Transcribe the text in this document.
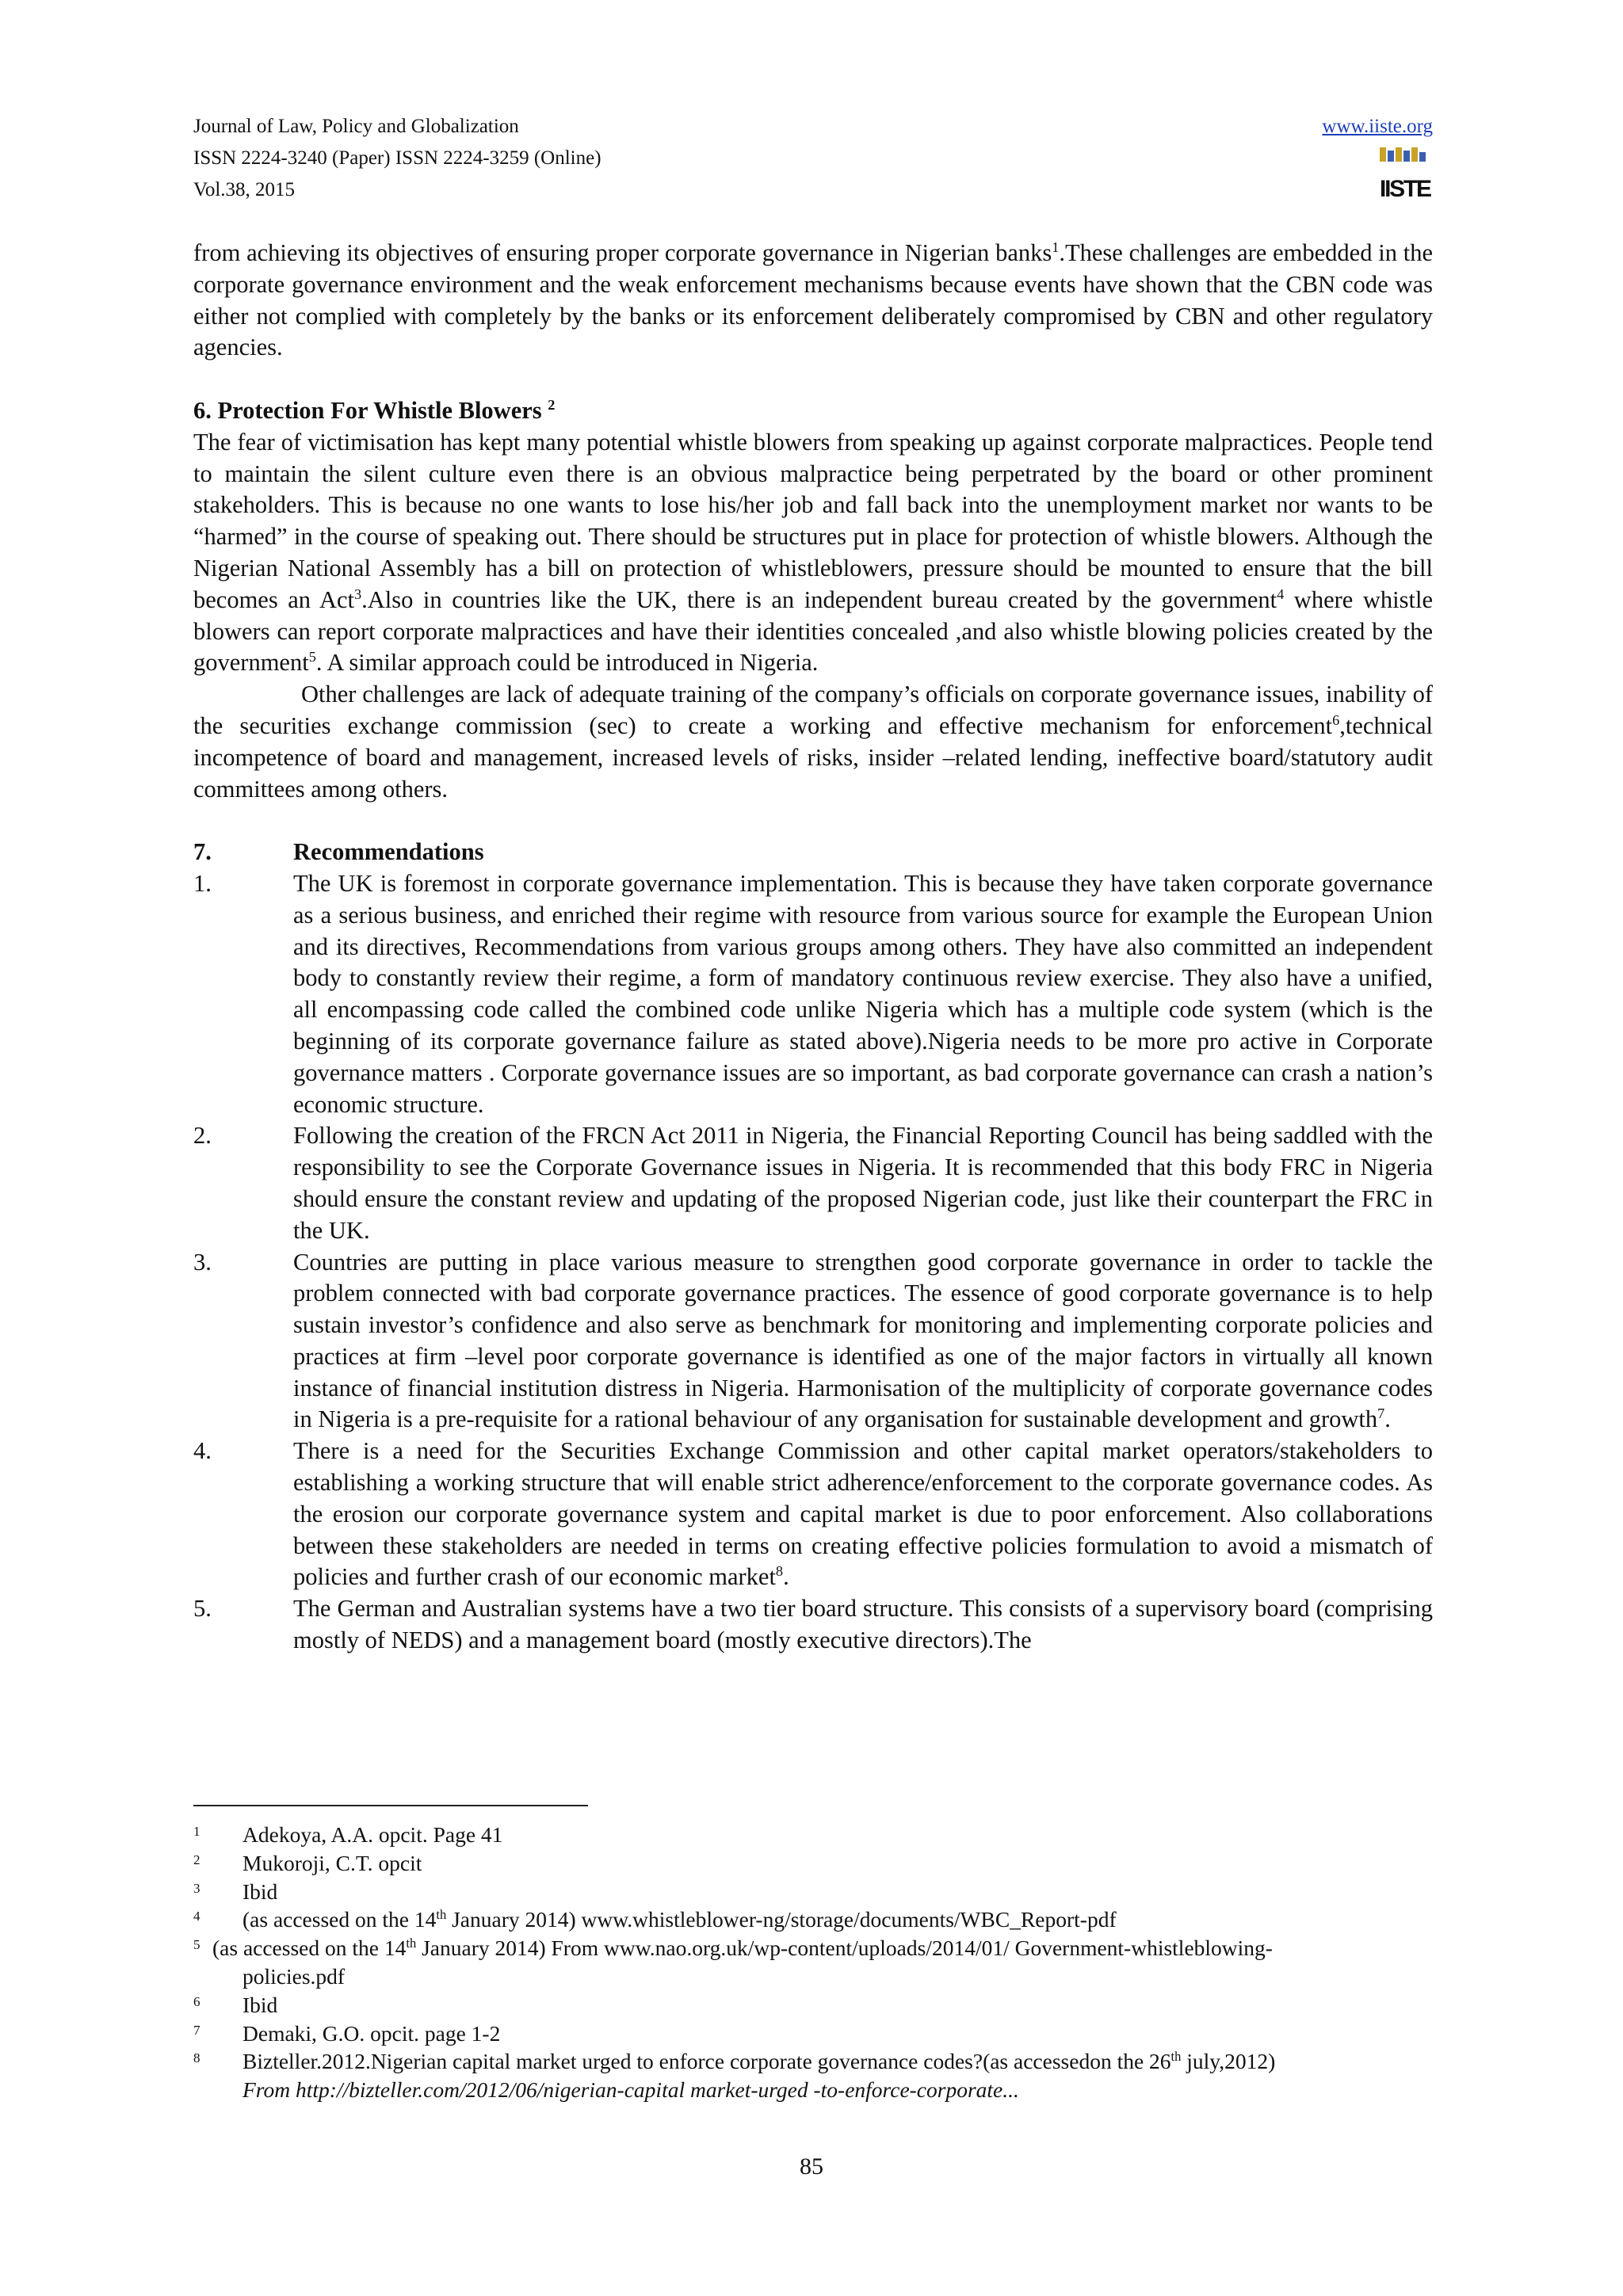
Journal of Law, Policy and Globalization
ISSN 2224-3240 (Paper) ISSN 2224-3259 (Online)
Vol.38, 2015
www.iiste.org
IISTE

from achieving its objectives of ensuring proper corporate governance in Nigerian banks$^1$.These challenges are embedded in the corporate governance environment and the weak enforcement mechanisms because events have shown that the CBN code was either not complied with completely by the banks or its enforcement deliberately compromised by CBN and other regulatory agencies.

6. Protection For Whistle Blowers $^2$

The fear of victimisation has kept many potential whistle blowers from speaking up against corporate malpractices. People tend to maintain the silent culture even there is an obvious malpractice being perpetrated by the board or other prominent stakeholders. This is because no one wants to lose his/her job and fall back into the unemployment market nor wants to be “harmed” in the course of speaking out. There should be structures put in place for protection of whistle blowers. Although the Nigerian National Assembly has a bill on protection of whistleblowers, pressure should be mounted to ensure that the bill becomes an Act$^3$.Also in countries like the UK, there is an independent bureau created by the government$^4$ where whistle blowers can report corporate malpractices and have their identities concealed ,and also whistle blowing policies created by the government$^5$. A similar approach could be introduced in Nigeria.

Other challenges are lack of adequate training of the company’s officials on corporate governance issues, inability of the securities exchange commission (sec) to create a working and effective mechanism for enforcement$^6$,technical incompetence of board and management, increased levels of risks, insider –related lending, ineffective board/statutory audit committees among others.

7.	Recommendations
1.	The UK is foremost in corporate governance implementation. This is because they have taken corporate governance as a serious business, and enriched their regime with resource from various source for example the European Union and its directives, Recommendations from various groups among others. They have also committed an independent body to constantly review their regime, a form of mandatory continuous review exercise. They also have a unified, all encompassing code called the combined code unlike Nigeria which has a multiple code system (which is the beginning of its corporate governance failure as stated above).Nigeria needs to be more pro active in Corporate governance matters . Corporate governance issues are so important, as bad corporate governance can crash a nation’s economic structure.
2.	Following the creation of the FRCN Act 2011 in Nigeria, the Financial Reporting Council has being saddled with the responsibility to see the Corporate Governance issues in Nigeria. It is recommended that this body FRC in Nigeria should ensure the constant review and updating of the proposed Nigerian code, just like their counterpart the FRC in the UK.
3.	Countries are putting in place various measure to strengthen good corporate governance in order to tackle the problem connected with bad corporate governance practices. The essence of good corporate governance is to help sustain investor’s confidence and also serve as benchmark for monitoring and implementing corporate policies and practices at firm –level poor corporate governance is identified as one of the major factors in virtually all known instance of financial institution distress in Nigeria. Harmonisation of the multiplicity of corporate governance codes in Nigeria is a pre-requisite for a rational behaviour of any organisation for sustainable development and growth$^7$.
4.	There is a need for the Securities Exchange Commission and other capital market operators/stakeholders to establishing a working structure that will enable strict adherence/enforcement to the corporate governance codes. As the erosion our corporate governance system and capital market is due to poor enforcement. Also collaborations between these stakeholders are needed in terms on creating effective policies formulation to avoid a mismatch of policies and further crash of our economic market$^8$.
5.	The German and Australian systems have a two tier board structure. This consists of a supervisory board (comprising mostly of NEDS) and a management board (mostly executive directors).The
1 Adekoya, A.A. opcit. Page 41
2 Mukoroji, C.T. opcit
3 Ibid
4 (as accessed on the 14th January 2014) www.whistleblower-ng/storage/documents/WBC_Report-pdf
5 (as accessed on the 14th January 2014) From www.nao.org.uk/wp-content/uploads/2014/01/ Government-whistleblowing-
policies.pdf
6 Ibid
7 Demaki, G.O. opcit. page 1-2
8 Bizteller.2012.Nigerian capital market urged to enforce corporate governance codes?(as accessedon the 26th july,2012)
From http://bizteller.com/2012/06/nigerian-capital market-urged -to-enforce-corporate...
85
